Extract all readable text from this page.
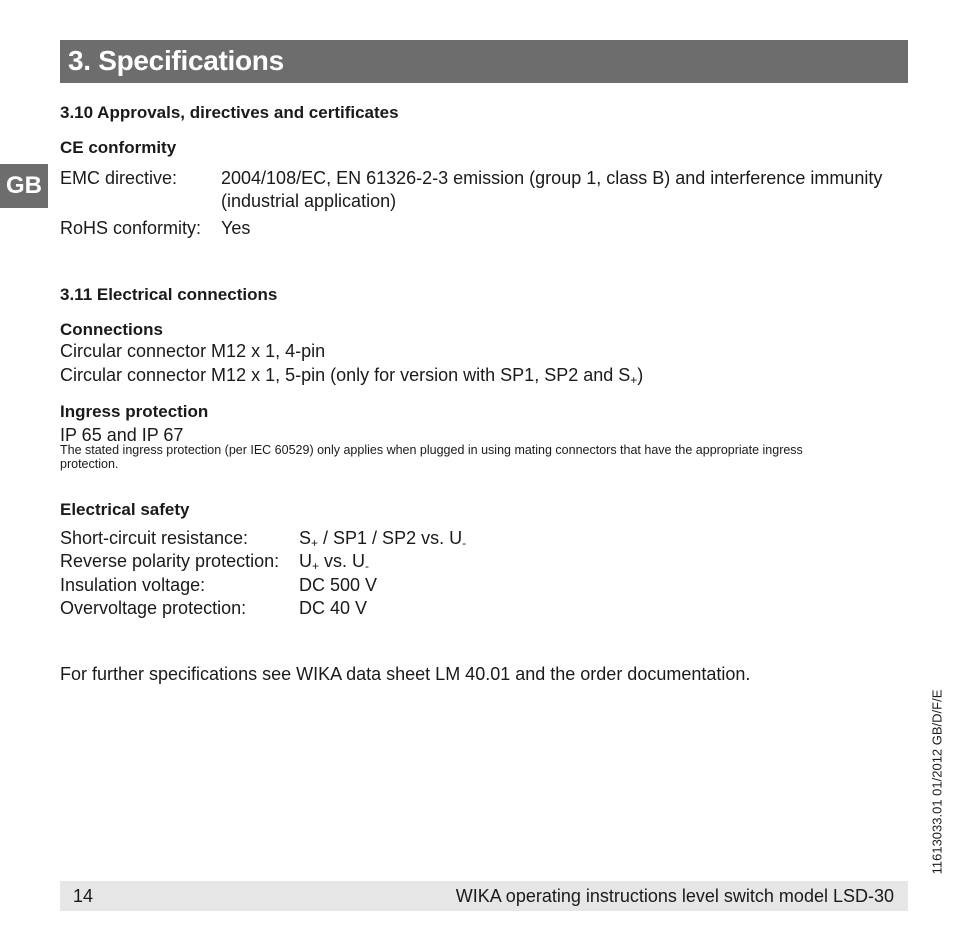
3. Specifications
GB
3.10 Approvals, directives and certificates
CE conformity
EMC directive: 2004/108/EC, EN 61326-2-3 emission (group 1, class B) and interference immunity
(industrial application)
RoHS conformity: Yes
3.11 Electrical connections
Connections
Circular connector M12 x 1, 4-pin
Circular connector M12 x 1, 5-pin (only for version with SP1, SP2 and $S_+$)
Ingress protection
IP 65 and IP 67
The stated ingress protection (per IEC 60529) only applies when plugged in using mating connectors that have the appropriate ingress
protection.
Electrical safety
Short-circuit resistance:	$S_+ / SP1 / SP2$ vs. $U_-$
Reverse polarity protection: $U_+$ vs. $U_-$
Insulation voltage:	DC 500 V
Overvoltage protection:	DC 40 V
For further specifications see WIKA data sheet LM 40.01 and the order documentation.
11613033.01 01/2012 GB/D/F/E
14	WIKA operating instructions level switch model LSD-30
